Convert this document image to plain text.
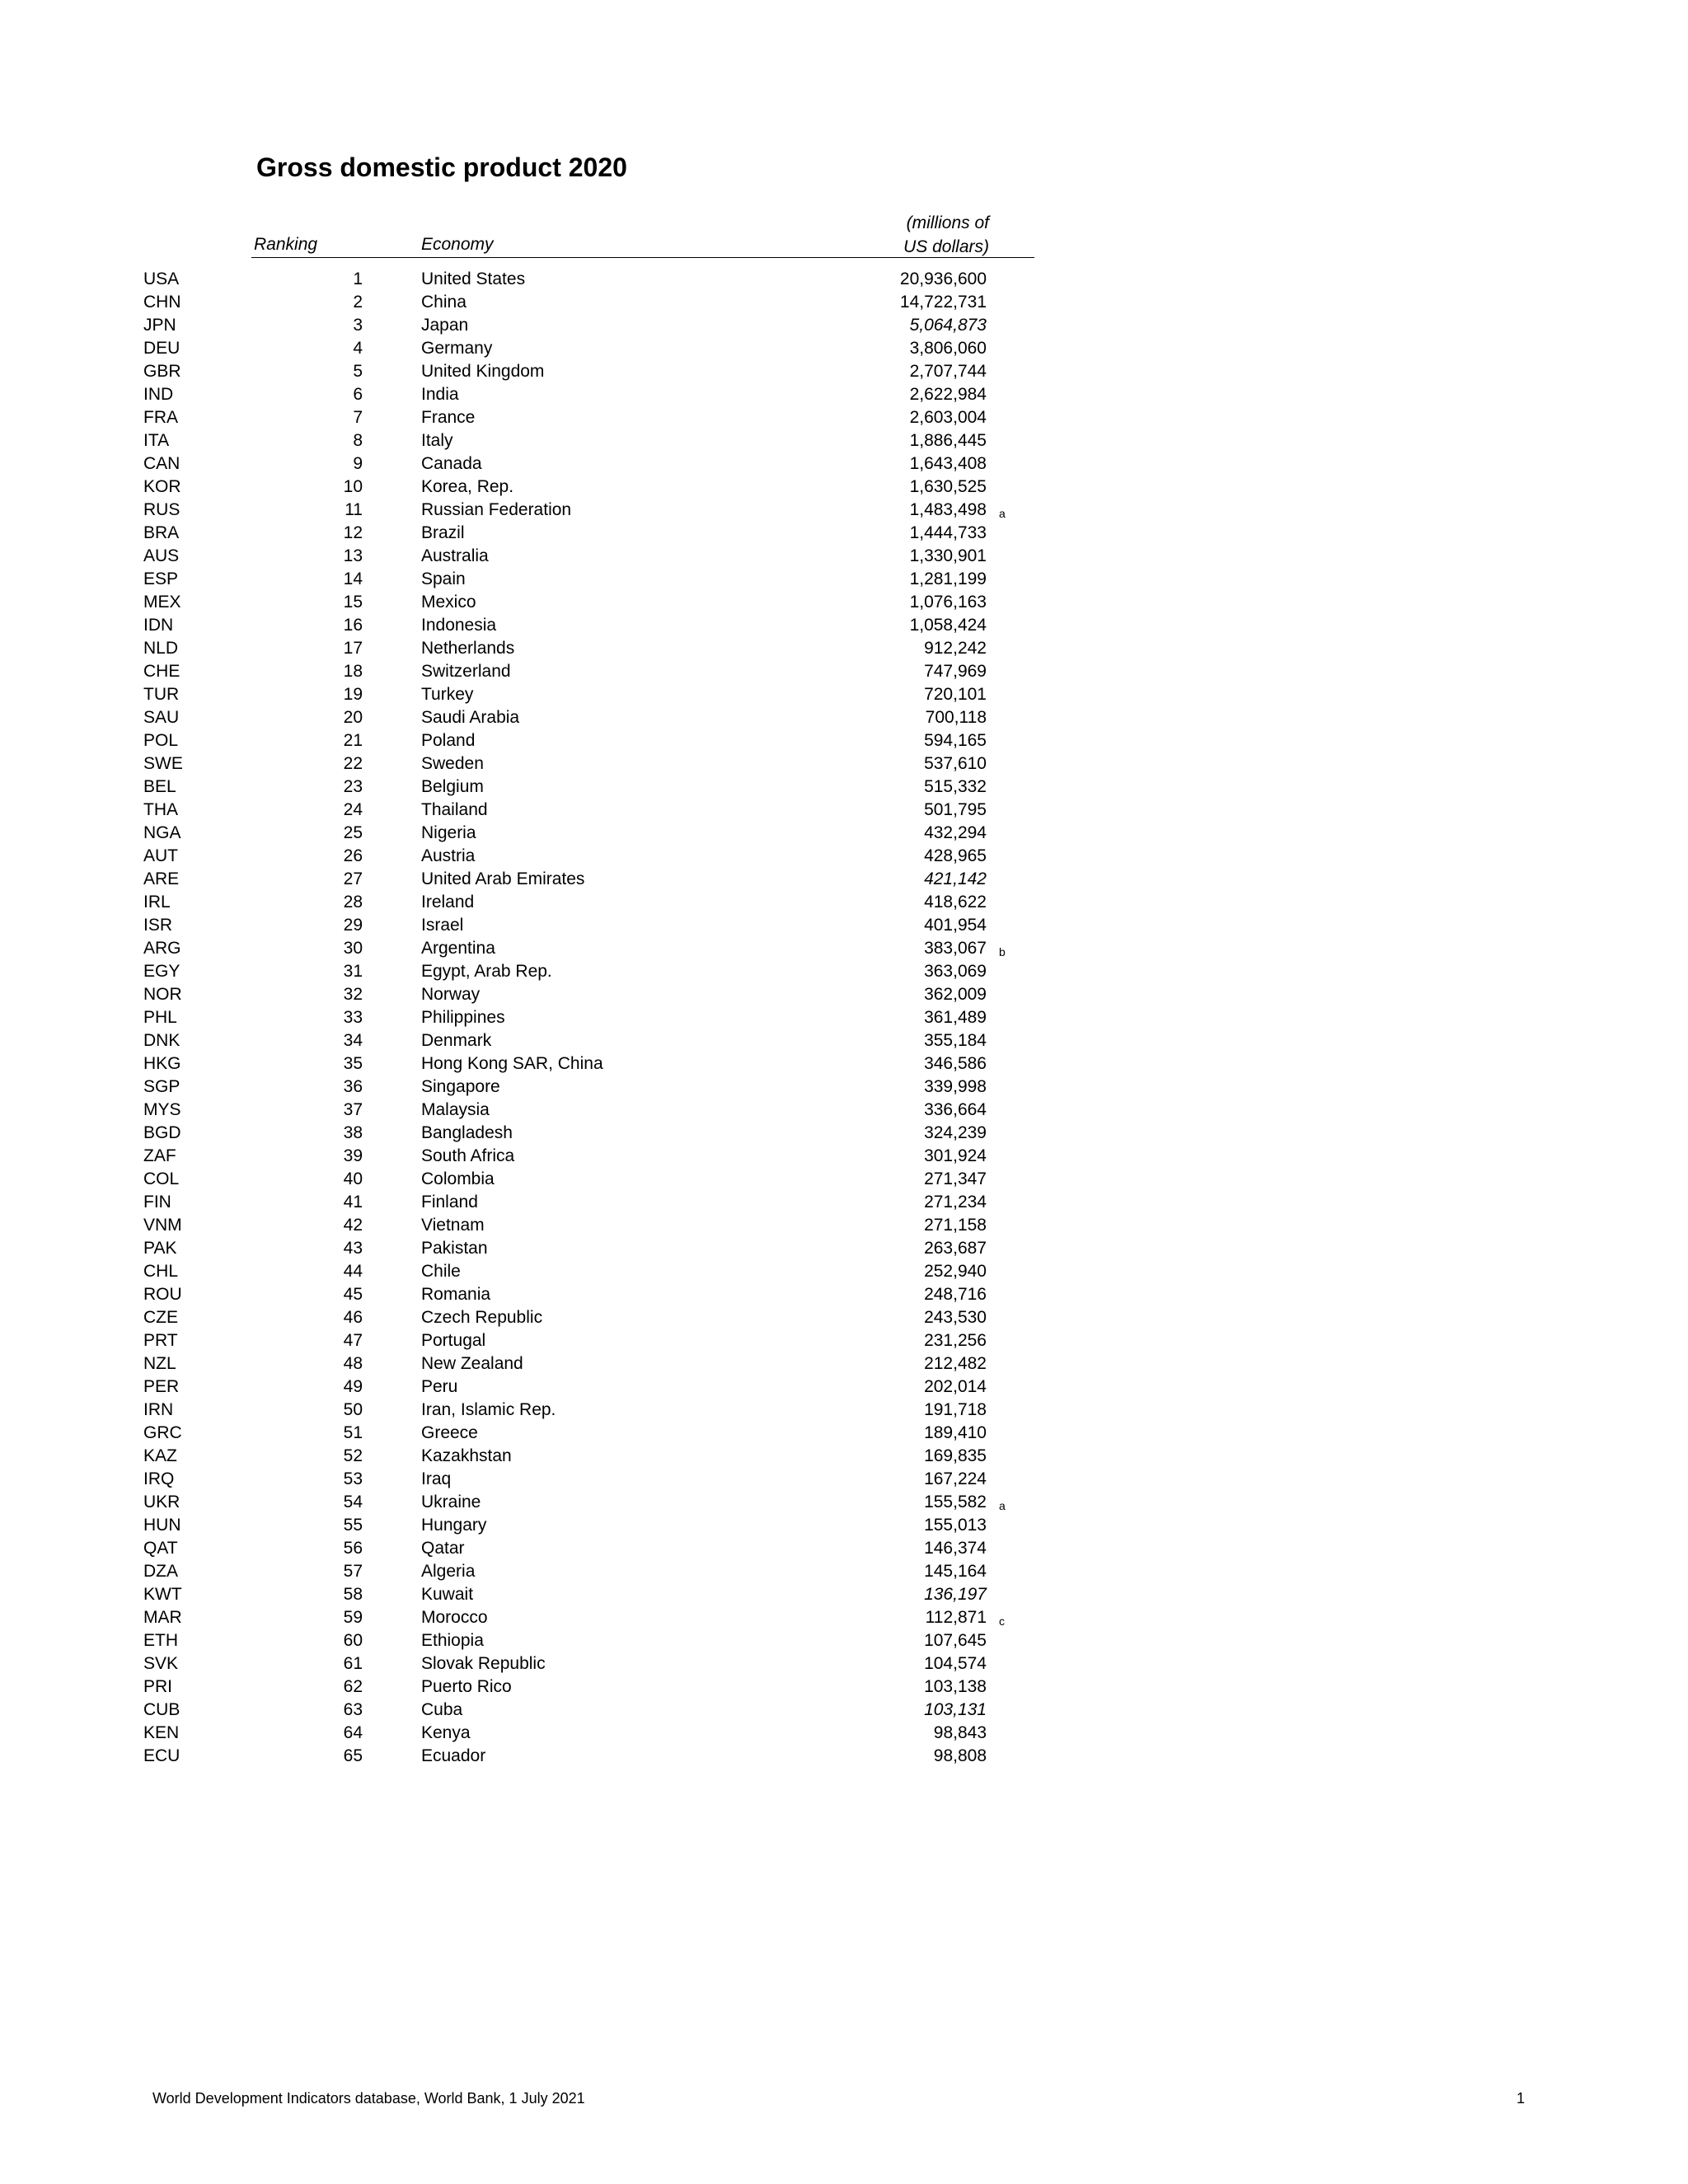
Gross domestic product 2020
Ranking	Economy
(millions of
US dollars)
USA	1	United States	20,936,600
CHN	2	China	14,722,731
JPN	3	Japan	5,064,873
DEU	4	Germany	3,806,060
GBR	5	United Kingdom	2,707,744
IND	6	India	2,622,984
FRA	7	France	2,603,004
ITA	8	Italy	1,886,445
CAN	9	Canada	1,643,408
KOR	10	Korea, Rep.	1,630,525
RUS	11	Russian Federation	1,483,498 a
BRA	12	Brazil	1,444,733
AUS	13	Australia	1,330,901
ESP	14	Spain	1,281,199
MEX	15	Mexico	1,076,163
IDN	16	Indonesia	1,058,424
NLD	17	Netherlands	912,242
CHE	18	Switzerland	747,969
TUR	19	Turkey	720,101
SAU	20	Saudi Arabia	700,118
POL	21	Poland	594,165
SWE	22	Sweden	537,610
BEL	23	Belgium	515,332
THA	24	Thailand	501,795
NGA	25	Nigeria	432,294
AUT	26	Austria	428,965
ARE	27	United Arab Emirates	421,142
IRL	28	Ireland	418,622
ISR	29	Israel	401,954
ARG	30	Argentina	383,067 b
EGY	31	Egypt, Arab Rep.	363,069
NOR	32	Norway	362,009
PHL	33	Philippines	361,489
DNK	34	Denmark	355,184
HKG	35	Hong Kong SAR, China	346,586
SGP	36	Singapore	339,998
MYS	37	Malaysia	336,664
BGD	38	Bangladesh	324,239
ZAF	39	South Africa	301,924
COL	40	Colombia	271,347
FIN	41	Finland	271,234
VNM	42	Vietnam	271,158
PAK	43	Pakistan	263,687
CHL	44	Chile	252,940
ROU	45	Romania	248,716
CZE	46	Czech Republic	243,530
PRT	47	Portugal	231,256
NZL	48	New Zealand	212,482
PER	49	Peru	202,014
IRN	50	Iran, Islamic Rep.	191,718
GRC	51	Greece	189,410
KAZ	52	Kazakhstan	169,835
IRQ	53	Iraq	167,224
UKR	54	Ukraine	155,582 a
HUN	55	Hungary	155,013
QAT	56	Qatar	146,374
DZA	57	Algeria	145,164
KWT	58	Kuwait	136,197
MAR	59	Morocco	112,871 c
ETH	60	Ethiopia	107,645
SVK	61	Slovak Republic	104,574
PRI	62	Puerto Rico	103,138
CUB	63	Cuba	103,131
KEN	64	Kenya	98,843
ECU	65	Ecuador	98,808
World Development Indicators database, World Bank, 1 July 2021	1
